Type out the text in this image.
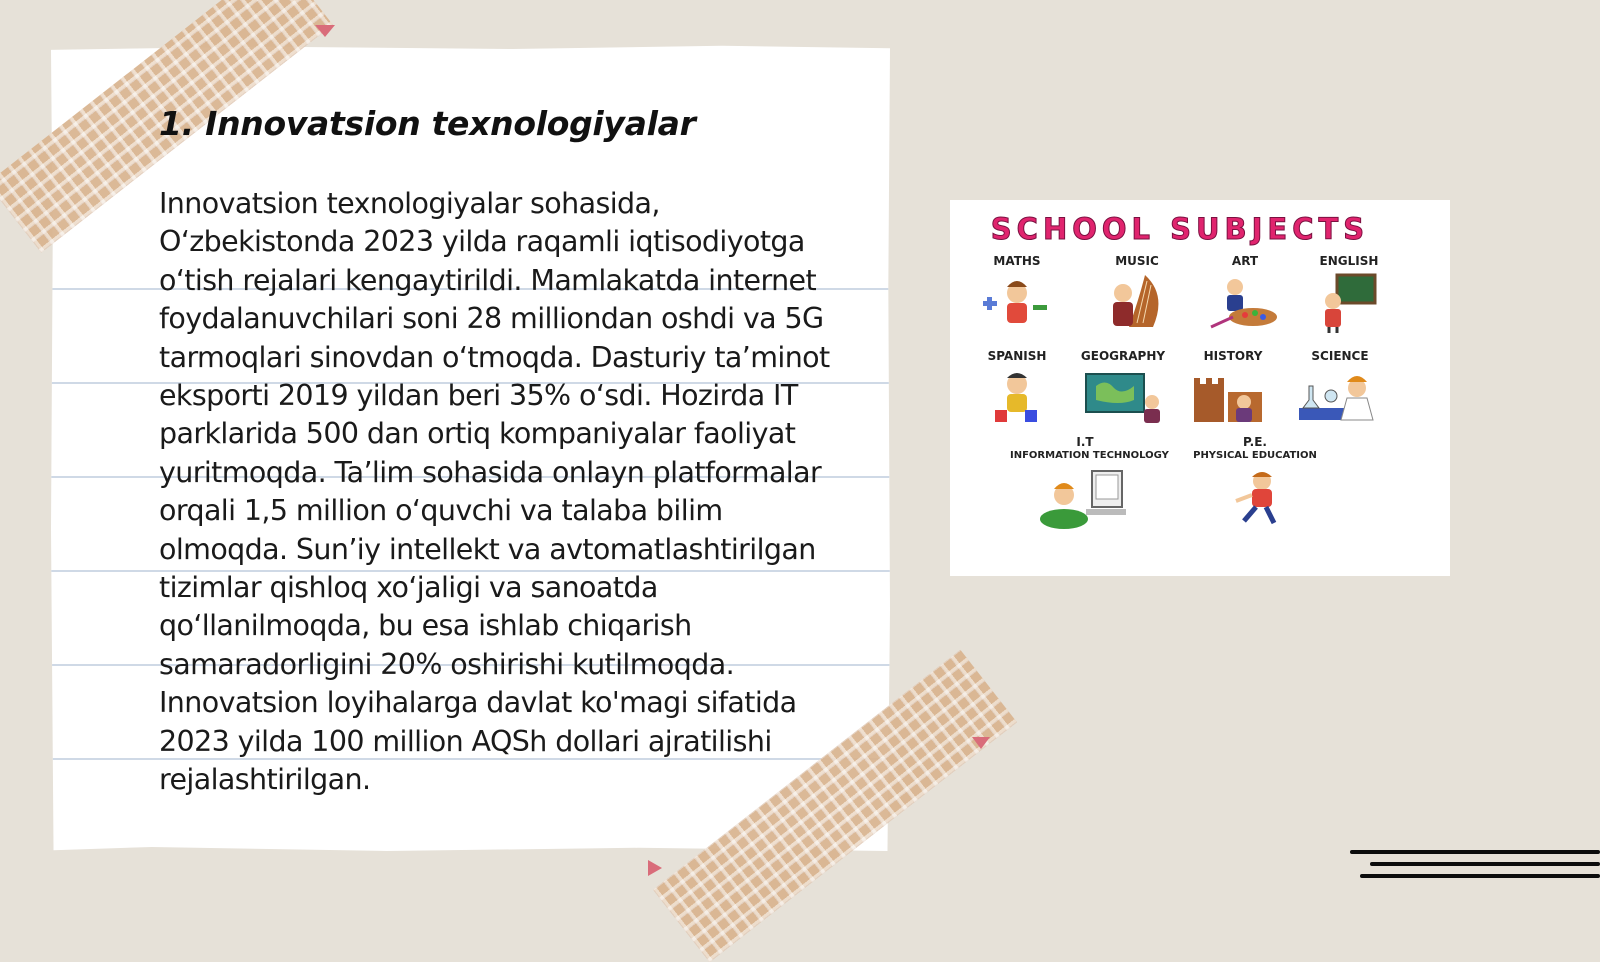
1. Innovatsion texnologiyalar

Innovatsion texnologiyalar sohasida, O‘zbekistonda 2023 yilda raqamli iqtisodiyotga o‘tish rejalari kengaytirildi. Mamlakatda internet foydalanuvchilari soni 28 milliondan oshdi va 5G tarmoqlari sinovdan o‘tmoqda. Dasturiy ta’minot eksporti 2019 yildan beri 35% o‘sdi. Hozirda IT parklarida 500 dan ortiq kompaniyalar faoliyat yuritmoqda. Ta’lim sohasida onlayn platformalar orqali 1,5 million o‘quvchi va talaba bilim olmoqda. Sun’iy intellekt va avtomatlashtirilgan tizimlar qishloq xo‘jaligi va sanoatda qo‘llanilmoqda, bu esa ishlab chiqarish samaradorligini 20% oshirishi kutilmoqda. Innovatsion loyihalarga davlat ko'magi sifatida 2023 yilda 100 million AQSh dollari ajratilishi rejalashtirilgan.

SCHOOL SUBJECTS
MATHS	MUSIC	ART	ENGLISH
SPANISH	GEOGRAPHY	HISTORY	SCIENCE
I.T
INFORMATION TECHNOLOGY
P.E.
PHYSICAL EDUCATION
